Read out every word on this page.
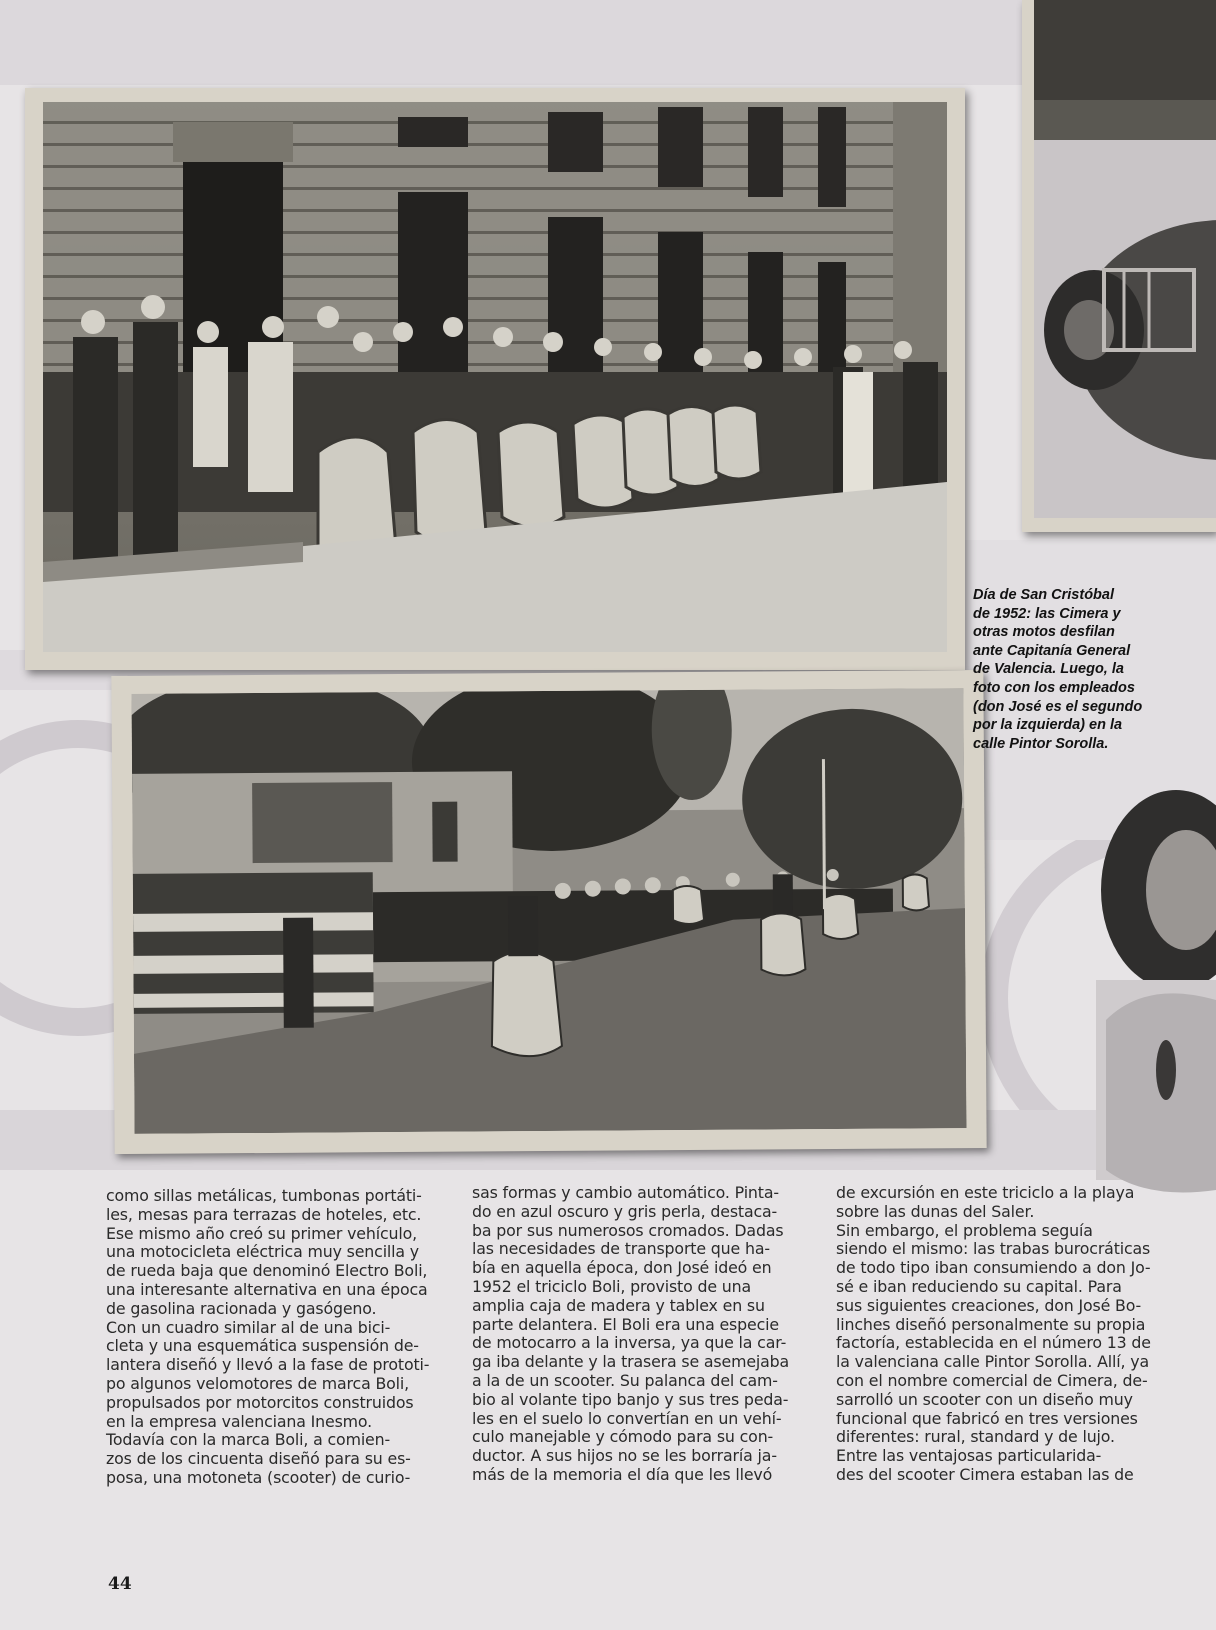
Día de San Cristóbal
de 1952: las Cimera y
otras motos desfilan
ante Capitanía General
de Valencia. Luego, la
foto con los empleados
(don José es el segundo
por la izquierda) en la
calle Pintor Sorolla.
como sillas metálicas, tumbonas portáti-
les, mesas para terrazas de hoteles, etc.
Ese mismo año creó su primer vehículo,
una motocicleta eléctrica muy sencilla y
de rueda baja que denominó Electro Boli,
una interesante alternativa en una época
de gasolina racionada y gasógeno.
Con un cuadro similar al de una bici-
cleta y una esquemática suspensión de-
lantera diseñó y llevó a la fase de prototi-
po algunos velomotores de marca Boli,
propulsados por motorcitos construidos
en la empresa valenciana Inesmo.
Todavía con la marca Boli, a comien-
zos de los cincuenta diseñó para su es-
posa, una motoneta (scooter) de curio-
sas formas y cambio automático. Pinta-
do en azul oscuro y gris perla, destaca-
ba por sus numerosos cromados. Dadas
las necesidades de transporte que ha-
bía en aquella época, don José ideó en
1952 el triciclo Boli, provisto de una
amplia caja de madera y tablex en su
parte delantera. El Boli era una especie
de motocarro a la inversa, ya que la car-
ga iba delante y la trasera se asemejaba
a la de un scooter. Su palanca del cam-
bio al volante tipo banjo y sus tres peda-
les en el suelo lo convertían en un vehí-
culo manejable y cómodo para su con-
ductor. A sus hijos no se les borraría ja-
más de la memoria el día que les llevó
de excursión en este triciclo a la playa
sobre las dunas del Saler.
Sin embargo, el problema seguía
siendo el mismo: las trabas burocráticas
de todo tipo iban consumiendo a don Jo-
sé e iban reduciendo su capital. Para
sus siguientes creaciones, don José Bo-
linches diseñó personalmente su propia
factoría, establecida en el número 13 de
la valenciana calle Pintor Sorolla. Allí, ya
con el nombre comercial de Cimera, de-
sarrolló un scooter con un diseño muy
funcional que fabricó en tres versiones
diferentes: rural, standard y de lujo.
Entre las ventajosas particularida-
des del scooter Cimera estaban las de
44
